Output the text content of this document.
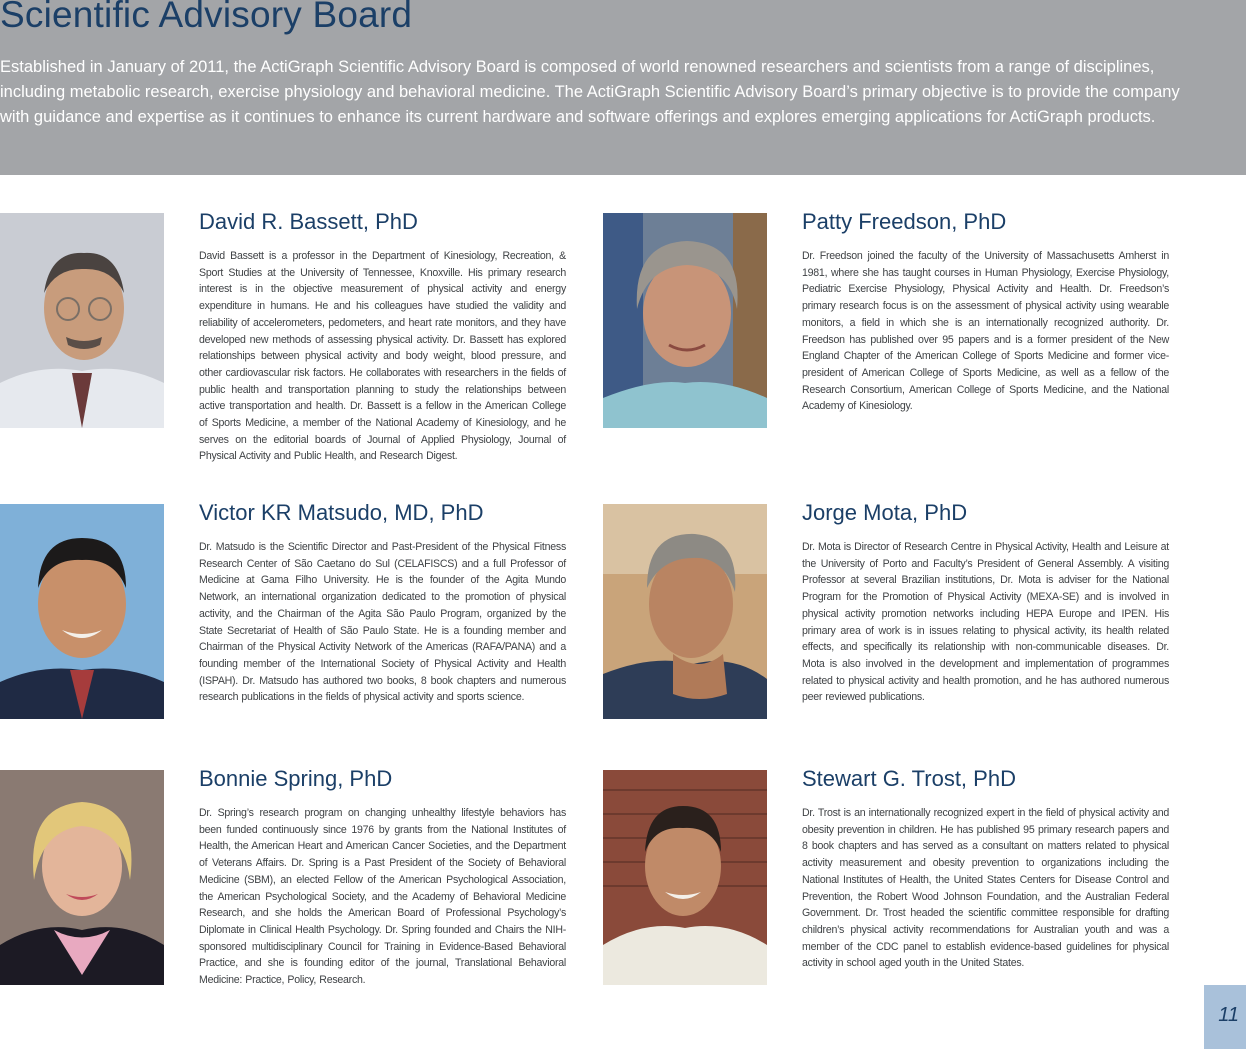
Scientific Advisory Board

Established in January of 2011, the ActiGraph Scientific Advisory Board is composed of world renowned researchers and scientists from a range of disciplines, including metabolic research, exercise physiology and behavioral medicine. The ActiGraph Scientific Advisory Board’s primary objective is to provide the company with guidance and expertise as it continues to enhance its current hardware and software offerings and explores emerging applications for ActiGraph products.

David R. Bassett, PhD

David Bassett is a professor in the Department of Kinesiology, Recreation, & Sport Studies at the University of Tennessee, Knoxville. His primary research interest is in the objective measurement of physical activity and energy expenditure in humans. He and his colleagues have studied the validity and reliability of accelerometers, pedometers, and heart rate monitors, and they have developed new methods of assessing physical activity. Dr. Bassett has explored relationships between physical activity and body weight, blood pressure, and other cardiovascular risk factors. He collaborates with researchers in the fields of public health and transportation planning to study the relationships between active transportation and health. Dr. Bassett is a fellow in the American College of Sports Medicine, a member of the National Academy of Kinesiology, and he serves on the editorial boards of Journal of Applied Physiology, Journal of Physical Activity and Public Health, and Research Digest.

Patty Freedson, PhD

Dr. Freedson joined the faculty of the University of Massachusetts Amherst in 1981, where she has taught courses in Human Physiology, Exercise Physiology, Pediatric Exercise Physiology, Physical Activity and Health. Dr. Freedson’s primary research focus is on the assessment of physical activity using wearable monitors, a field in which she is an internationally recognized authority. Dr. Freedson has published over 95 papers and is a former president of the New England Chapter of the American College of Sports Medicine and former vice-president of American College of Sports Medicine, as well as a fellow of the Research Consortium, American College of Sports Medicine, and the National Academy of Kinesiology.

Victor KR Matsudo, MD, PhD

Dr. Matsudo is the Scientific Director and Past-President of the Physical Fitness Research Center of São Caetano do Sul (CELAFISCS) and a full Professor of Medicine at Gama Filho University. He is the founder of the Agita Mundo Network, an international organization dedicated to the promotion of physical activity, and the Chairman of the Agita São Paulo Program, organized by the State Secretariat of Health of São Paulo State. He is a founding member and Chairman of the Physical Activity Network of the Americas (RAFA/PANA) and a founding member of the International Society of Physical Activity and Health (ISPAH). Dr. Matsudo has authored two books, 8 book chapters and numerous research publications in the fields of physical activity and sports science.

Jorge Mota, PhD

Dr. Mota is Director of Research Centre in Physical Activity, Health and Leisure at the University of Porto and Faculty’s President of General Assembly. A visiting Professor at several Brazilian institutions, Dr. Mota is adviser for the National Program for the Promotion of Physical Activity (MEXA-SE) and is involved in physical activity promotion networks including HEPA Europe and IPEN. His primary area of work is in issues relating to physical activity, its health related effects, and specifically its relationship with non-communicable diseases. Dr. Mota is also involved in the development and implementation of programmes related to physical activity and health promotion, and he has authored numerous peer reviewed publications.

Bonnie Spring, PhD

Dr. Spring’s research program on changing unhealthy lifestyle behaviors has been funded continuously since 1976 by grants from the National Institutes of Health, the American Heart and American Cancer Societies, and the Department of Veterans Affairs. Dr. Spring is a Past President of the Society of Behavioral Medicine (SBM), an elected Fellow of the American Psychological Association, the American Psychological Society, and the Academy of Behavioral Medicine Research, and she holds the American Board of Professional Psychology’s Diplomate in Clinical Health Psychology. Dr. Spring founded and Chairs the NIH-sponsored multidisciplinary Council for Training in Evidence-Based Behavioral Practice, and she is founding editor of the journal, Translational Behavioral Medicine: Practice, Policy, Research.

Stewart G. Trost, PhD

Dr. Trost is an internationally recognized expert in the field of physical activity and obesity prevention in children. He has published 95 primary research papers and 8 book chapters and has served as a consultant on matters related to physical activity measurement and obesity prevention to organizations including the National Institutes of Health, the United States Centers for Disease Control and Prevention, the Robert Wood Johnson Foundation, and the Australian Federal Government. Dr. Trost headed the scientific committee responsible for drafting children’s physical activity recommendations for Australian youth and was a member of the CDC panel to establish evidence-based guidelines for physical activity in school aged youth in the United States.

11
